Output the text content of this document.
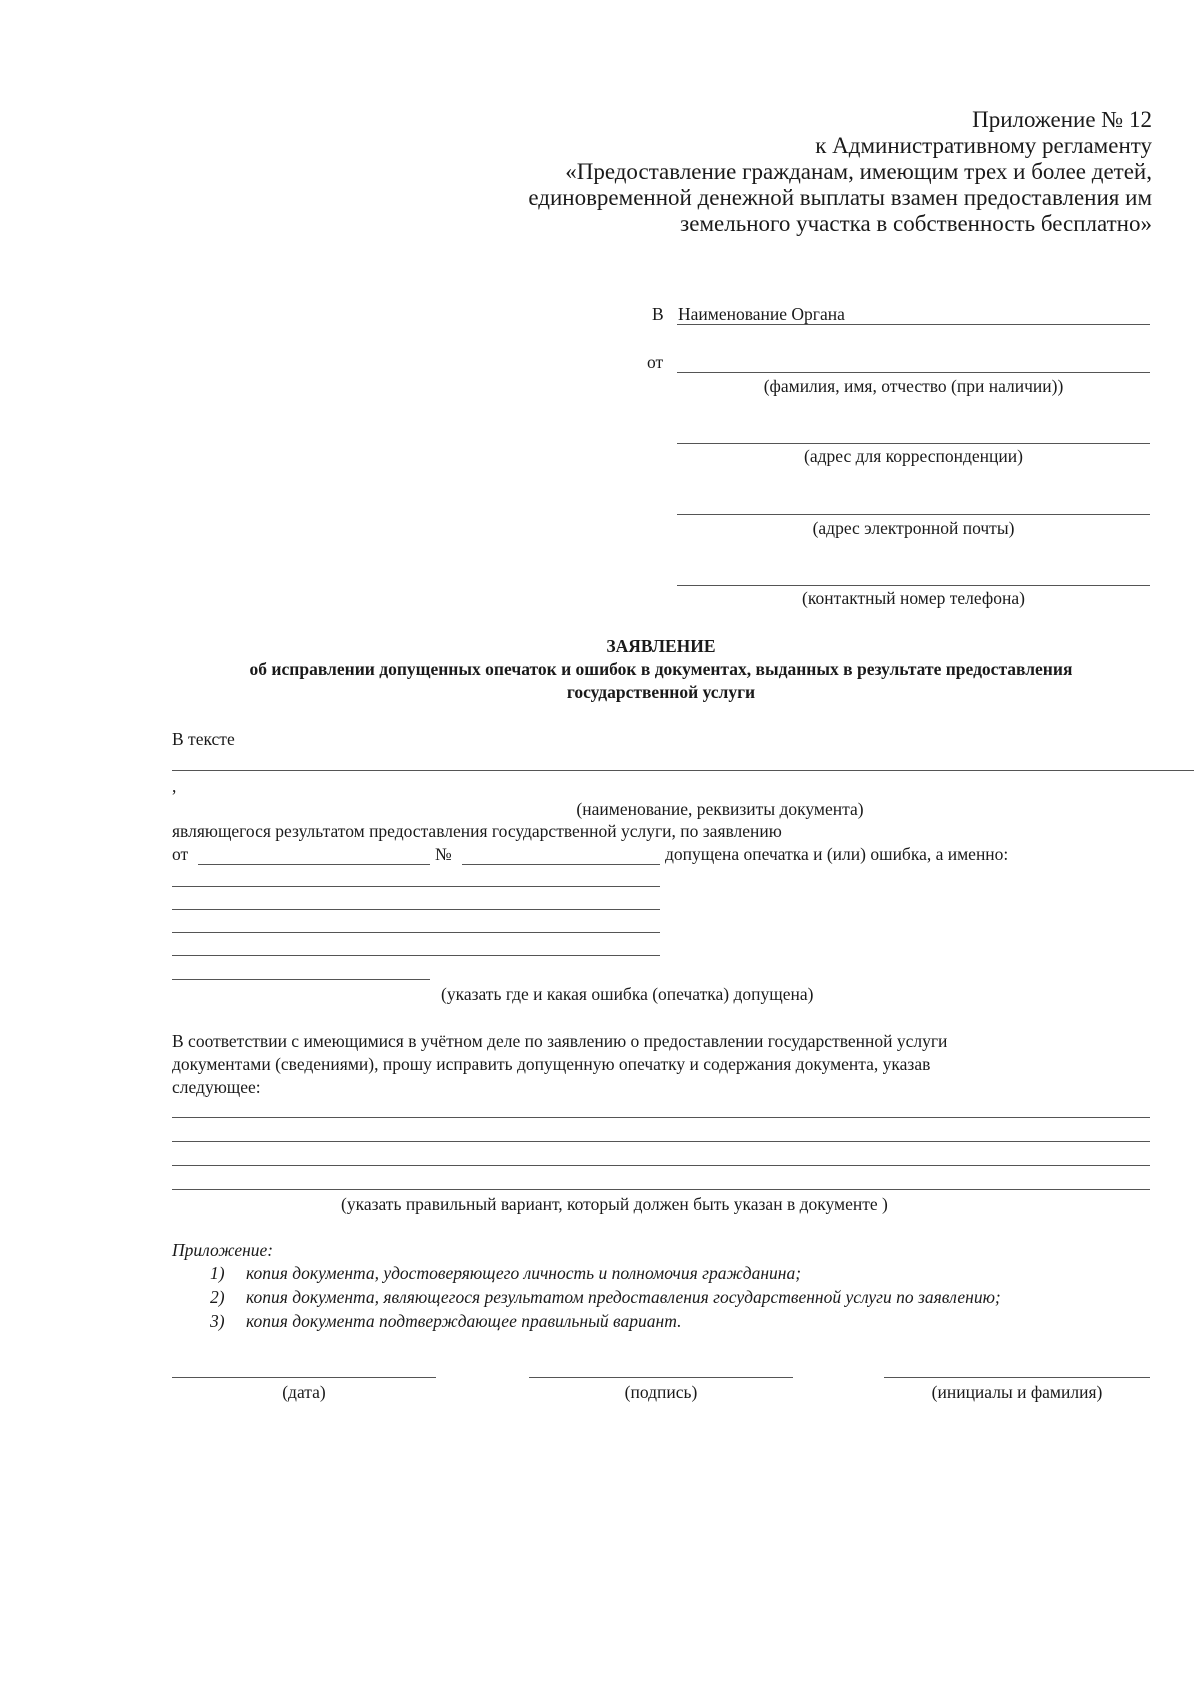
Приложение № 12
к Административному регламенту
«Предоставление гражданам, имеющим трех и более детей,
единовременной денежной выплаты взамен предоставления им
земельного участка в собственность бесплатно»
В Наименование Органа
от
(фамилия, имя, отчество (при наличии))
(адрес для корреспонденции)
(адрес электронной почты)
(контактный номер телефона)
ЗАЯВЛЕНИЕ
об исправлении допущенных опечаток и ошибок в документах, выданных в результате предоставления
государственной услуги
В тексте
,
(наименование, реквизиты документа)
являющегося результатом предоставления государственной услуги, по заявлению
от	№	допущена опечатка и (или) ошибка, а именно:
(указать где и какая ошибка (опечатка) допущена)
В соответствии с имеющимися в учётном деле по заявлению о предоставлении государственной услуги
документами (сведениями), прошу исправить допущенную опечатку и содержания документа, указав
следующее:
(указать правильный вариант, который должен быть указан в документе )
Приложение:
1) копия документа, удостоверяющего личность и полномочия гражданина;
2) копия документа, являющегося результатом предоставления государственной услуги по заявлению;
3) копия документа подтверждающее правильный вариант.
(дата)	(подпись)	(инициалы и фамилия)
